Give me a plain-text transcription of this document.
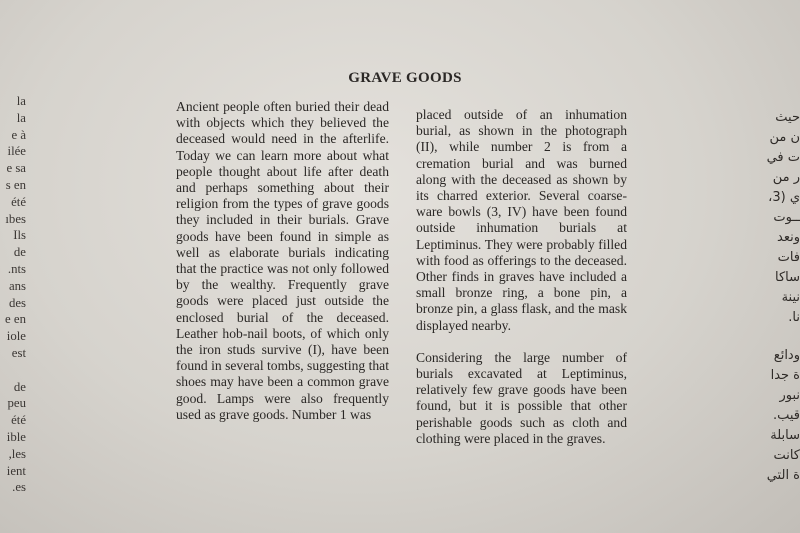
la
la
e à
ilée
e sa
s en
été
ıbes
Ils
de
nts.
ans
des
e en
iole
est

de
peu
été
ible
les,
ient
es.
GRAVE GOODS

Ancient people often buried their dead with objects which they believed the deceased would need in the afterlife. Today we can learn more about what people thought about life after death and perhaps something about their religion from the types of grave goods they included in their burials. Grave goods have been found in simple as well as elaborate burials indicating that the practice was not only followed by the wealthy. Frequently grave goods were placed just outside the enclosed burial of the deceased. Leather hob-nail boots, of which only the iron studs survive (I), have been found in several tombs, suggesting that shoes may have been a common grave good. Lamps were also frequently used as grave goods. Number 1 was

placed outside of an inhumation burial, as shown in the photograph (II), while number 2 is from a cremation burial and was burned along with the deceased as shown by its charred exterior. Several coarse-ware bowls (3, IV) have been found outside inhumation burials at Leptiminus. They were probably filled with food as offerings to the deceased. Other finds in graves have included a small bronze ring, a bone pin, a bronze pin, a glass flask, and the mask displayed nearby.

Considering the large number of burials excavated at Leptiminus, relatively few grave goods have been found, but it is possible that other perishable goods such as cloth and clothing were placed in the graves.

حيث
ن من
ت في
ر من
ي (3،
ــوت
ونعد
فات
ساكا
نينة
نا.
ودائع
ة جدا
نبور
قيب.
سابلة
كانت
ة التي
